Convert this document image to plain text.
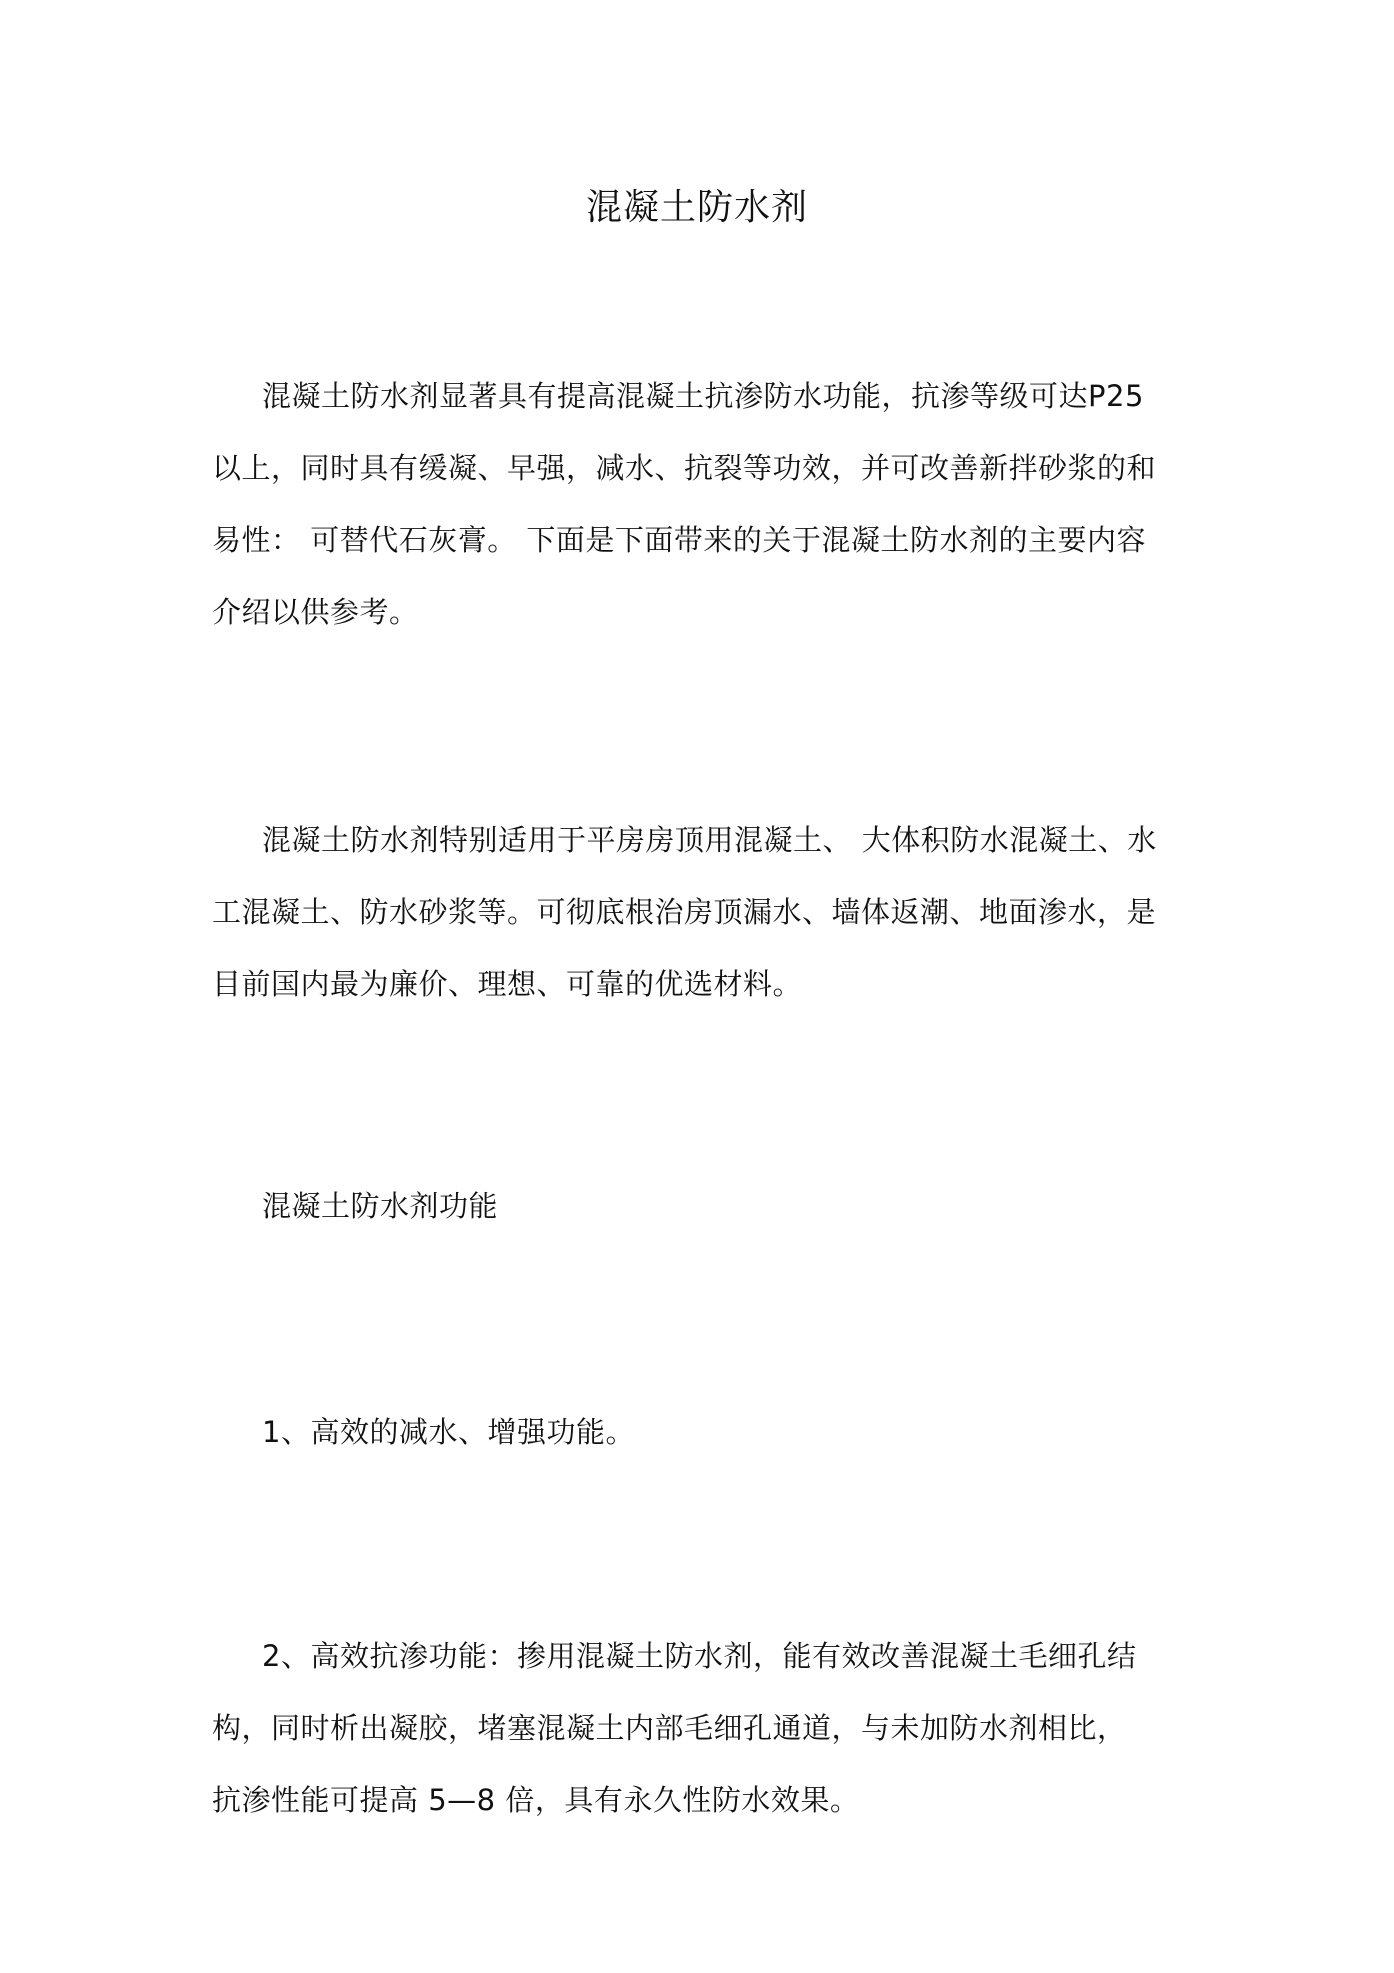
混凝土防水剂

混凝土防水剂显著具有提高混凝土抗渗防水功能，抗渗等级可达P25以上，同时具有缓凝、早强，减水、抗裂等功效，并可改善新拌砂浆的和易性： 可替代石灰膏。 下面是下面带来的关于混凝土防水剂的主要内容介绍以供参考。

混凝土防水剂特别适用于平房房顶用混凝土、 大体积防水混凝土、水工混凝土、防水砂浆等。可彻底根治房顶漏水、墙体返潮、地面渗水，是目前国内最为廉价、理想、可靠的优选材料。

混凝土防水剂功能

1、高效的减水、增强功能。

2、高效抗渗功能：掺用混凝土防水剂，能有效改善混凝土毛细孔结构，同时析出凝胶，堵塞混凝土内部毛细孔通道，与未加防水剂相比，抗渗性能可提高 5—8 倍，具有永久性防水效果。
